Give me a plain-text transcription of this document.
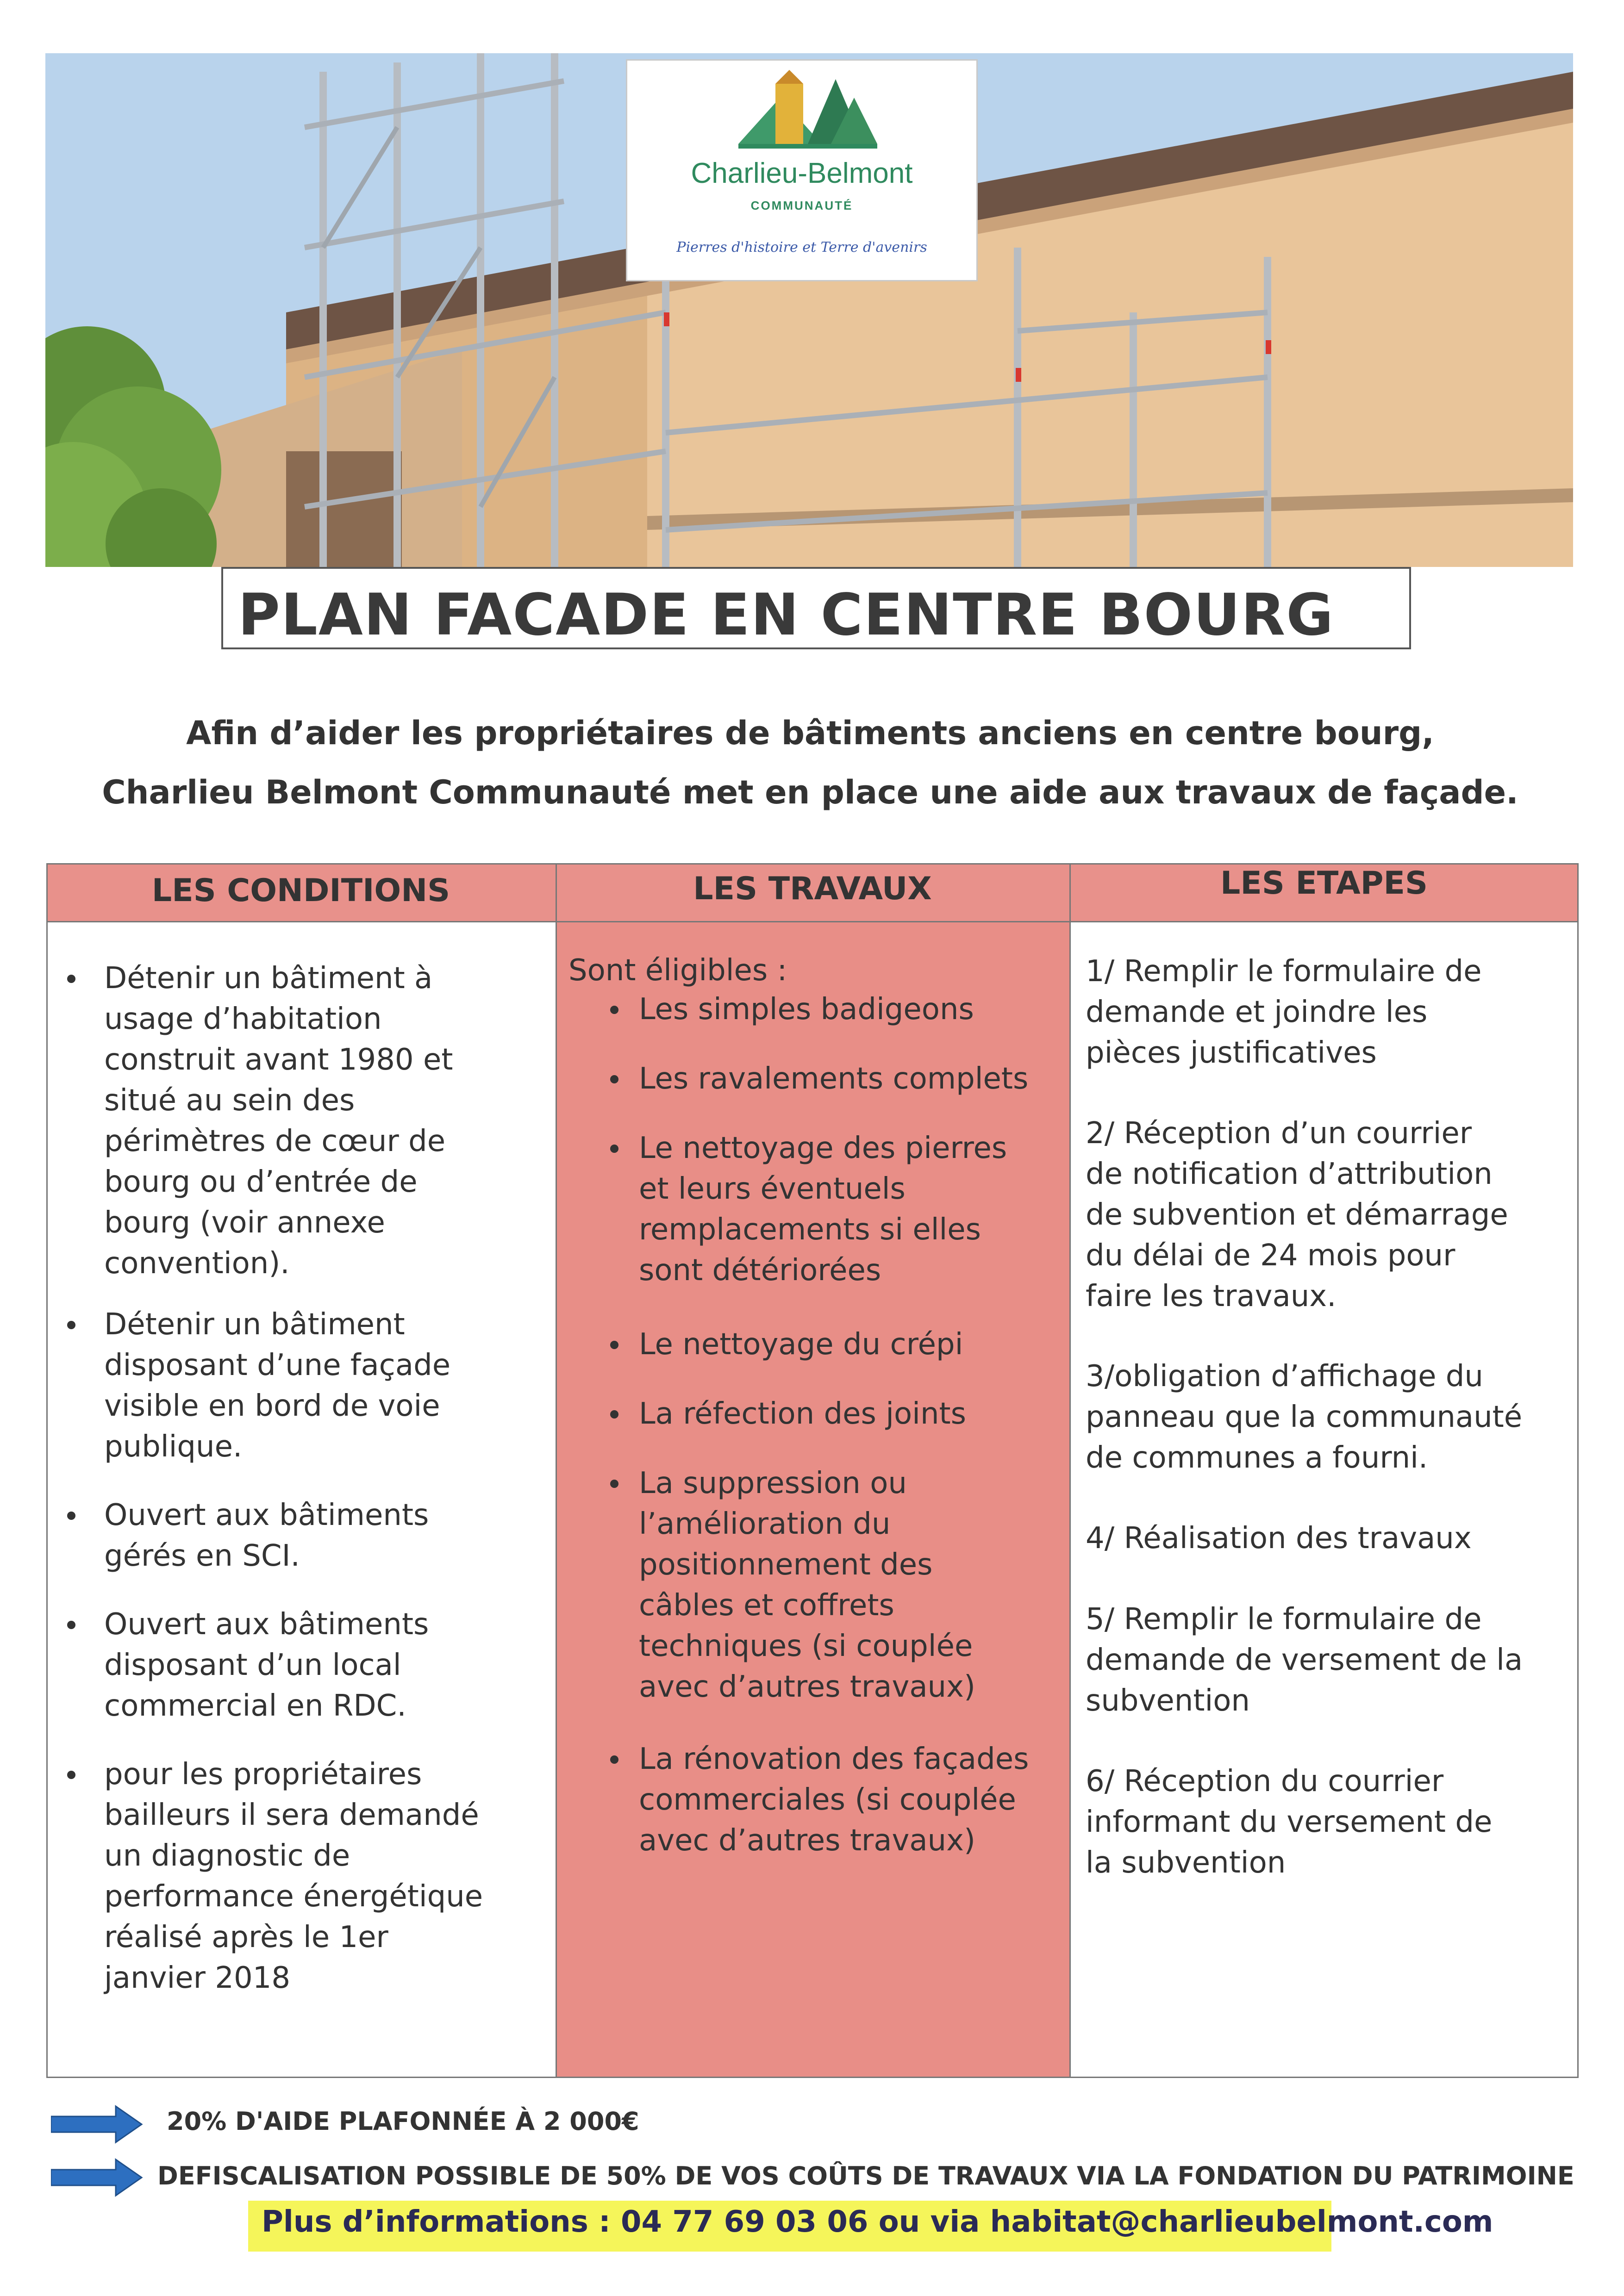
Charlieu-Belmont
COMMUNAUTÉ
Pierres d'histoire et Terre d'avenirs
PLAN FACADE EN CENTRE BOURG
Afin d’aider les propriétaires de bâtiments anciens en centre bourg,
Charlieu Belmont Communauté met en place une aide aux travaux de façade.
LES CONDITIONS	LES TRAVAUX	LES ETAPES
Détenir un bâtiment à
usage d’habitation
construit avant 1980 et
situé au sein des
périmètres de cœur de
bourg ou d’entrée de
bourg (voir annexe
convention).
Détenir un bâtiment
disposant d’une façade
visible en bord de voie
publique.
Ouvert aux bâtiments
gérés en SCI.
Ouvert aux bâtiments
disposant d’un local
commercial en RDC.
pour les propriétaires
bailleurs il sera demandé
un diagnostic de
performance énergétique
réalisé après le 1er
janvier 2018
Sont éligibles :
Les simples badigeons
Les ravalements complets
Le nettoyage des pierres
et leurs éventuels
remplacements si elles
sont détériorées
Le nettoyage du crépi
La réfection des joints
La suppression ou
l’amélioration du
positionnement des
câbles et coffrets
techniques (si couplée
avec d’autres travaux)
La rénovation des façades
commerciales (si couplée
avec d’autres travaux)
1/ Remplir le formulaire de
demande et joindre les
pièces justificatives
2/ Réception d’un courrier
de notification d’attribution
de subvention et démarrage
du délai de 24 mois pour
faire les travaux.
3/obligation d’affichage du
panneau que la communauté
de communes a fourni.
4/ Réalisation des travaux
5/ Remplir le formulaire de
demande de versement de la
subvention
6/ Réception du courrier
informant du versement de
la subvention
20% D'AIDE PLAFONNÉE À 2 000€
DEFISCALISATION POSSIBLE DE 50% DE VOS COÛTS DE TRAVAUX VIA LA FONDATION DU PATRIMOINE
Plus d’informations : 04 77 69 03 06 ou via habitat@charlieubelmont.com
